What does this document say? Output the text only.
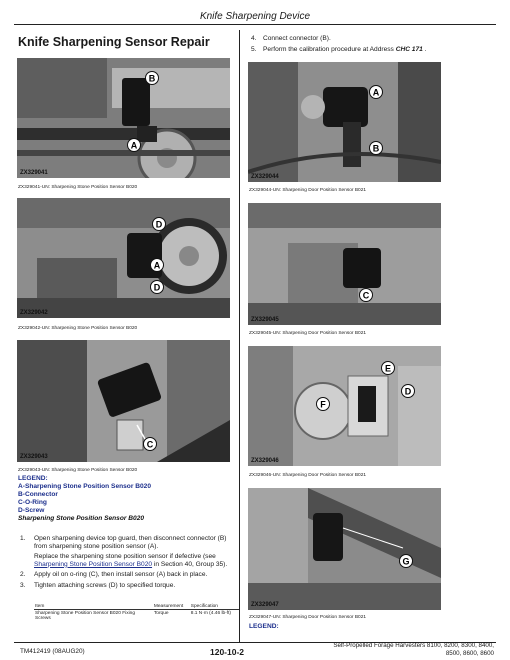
Knife Sharpening Device
Knife Sharpening Sensor Repair	4. Connect connector (B).
5. Perform the calibration procedure at Address CHC 171 .
B
A
ZX329041
ZX329041-UN: Sharpening Stone Position Sensor B020
D
A
D
ZX329042
ZX329042-UN: Sharpening Stone Position Sensor B020
C
ZX329043
ZX329043-UN: Sharpening Stone Position Sensor B020
LEGEND:
A-Sharpening Stone Position Sensor B020
B-Connector
C-O-Ring
D-Screw
Sharpening Stone Position Sensor B020
1. Open sharpening device top guard, then disconnect connector (B) from sharpening stone position sensor (A).
Replace the sharpening stone position sensor if defective (see Sharpening Stone Position Sensor B020 in Section 40, Group 35).
2. Apply oil on o-ring (C), then install sensor (A) back in place.
3. Tighten attaching screws (D) to specified torque.
Item	Measurement	Specification
Sharpening Stone Position Sensor B020 Fixing Screws	Torque	8.1 N·m (4.46 lb-ft)
A
B
ZX329044
ZX329044-UN: Sharpening Door Position Sensor B021
C
ZX329045
ZX329045-UN: Sharpening Door Position Sensor B021
E
D
F
ZX329046
ZX329046-UN: Sharpening Door Position Sensor B021
G
ZX329047
ZX329047-UN: Sharpening Door Position Sensor B021
LEGEND:
TM412419 (08AUG20)	120-10-2
Self-Propelled Forage Harvesters 8100, 8200, 8300, 8400,
8500, 8600, 8600
